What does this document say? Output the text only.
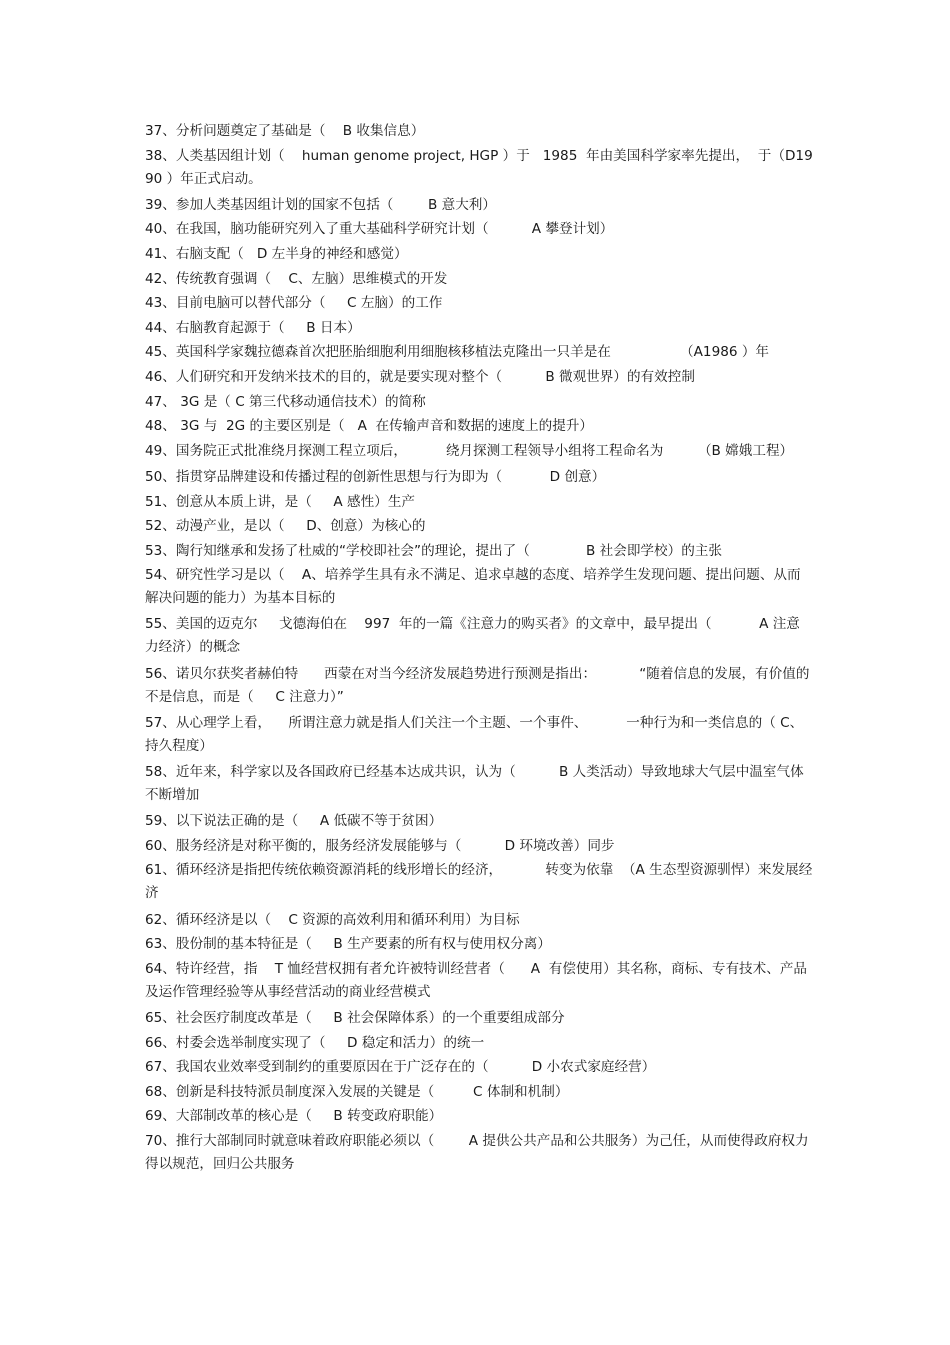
37、分析问题奠定了基础是（    B 收集信息）
38、人类基因组计划（    human genome project, HGP ）于   1985  年由美国科学家率先提出，  于（D1990 ）年正式启动。
39、参加人类基因组计划的国家不包括（        B 意大利）
40、在我国，脑功能研究列入了重大基础科学研究计划（          A 攀登计划）
41、右脑支配（   D 左半身的神经和感觉）
42、传统教育强调（    C、左脑）思维模式的开发
43、目前电脑可以替代部分（     C 左脑）的工作
44、右脑教育起源于（     B 日本）
45、英国科学家魏拉德森首次把胚胎细胞利用细胞核移植法克隆出一只羊是在                （A1986 ）年
46、人们研究和开发纳米技术的目的，就是要实现对整个（          B 微观世界）的有效控制
47、 3G 是（ C 第三代移动通信技术）的简称
48、 3G 与  2G 的主要区别是（   A  在传输声音和数据的速度上的提升）
49、国务院正式批准绕月探测工程立项后，         绕月探测工程领导小组将工程命名为        （B 嫦娥工程）
50、指贯穿品牌建设和传播过程的创新性思想与行为即为（           D 创意）
51、创意从本质上讲，是（     A 感性）生产
52、动漫产业，是以（     D、创意）为核心的
53、陶行知继承和发扬了杜威的“学校即社会”的理论，提出了（             B 社会即学校）的主张
54、研究性学习是以（    A、培养学生具有永不满足、追求卓越的态度、培养学生发现问题、提出问题、从而解决问题的能力）为基本目标的
55、美国的迈克尔     戈德海伯在    997  年的一篇《注意力的购买者》的文章中，最早提出（           A 注意力经济）的概念
56、诺贝尔获奖者赫伯特      西蒙在对当今经济发展趋势进行预测是指出：          “随着信息的发展，有价值的不是信息，而是（     C 注意力）”
57、从心理学上看，    所谓注意力就是指人们关注一个主题、一个事件、         一种行为和一类信息的（ C、持久程度）
58、近年来，科学家以及各国政府已经基本达成共识，认为（          B 人类活动）导致地球大气层中温室气体不断增加
59、以下说法正确的是（     A 低碳不等于贫困）
60、服务经济是对称平衡的，服务经济发展能够与（          D 环境改善）同步
61、循环经济是指把传统依赖资源消耗的线形增长的经济，          转变为依靠  （A 生态型资源驯悍）来发展经济
62、循环经济是以（    C 资源的高效利用和循环利用）为目标
63、股份制的基本特征是（     B 生产要素的所有权与使用权分离）
64、特许经营，指    T 恤经营权拥有者允许被特训经营者（      A  有偿使用）其名称，商标、专有技术、产品及运作管理经验等从事经营活动的商业经营模式
65、社会医疗制度改革是（     B 社会保障体系）的一个重要组成部分
66、村委会选举制度实现了（     D 稳定和活力）的统一
67、我国农业效率受到制约的重要原因在于广泛存在的（          D 小农式家庭经营）
68、创新是科技特派员制度深入发展的关键是（         C 体制和机制）
69、大部制改革的核心是（     B 转变政府职能）
70、推行大部制同时就意味着政府职能必须以（        A 提供公共产品和公共服务）为己任，从而使得政府权力得以规范，回归公共服务
